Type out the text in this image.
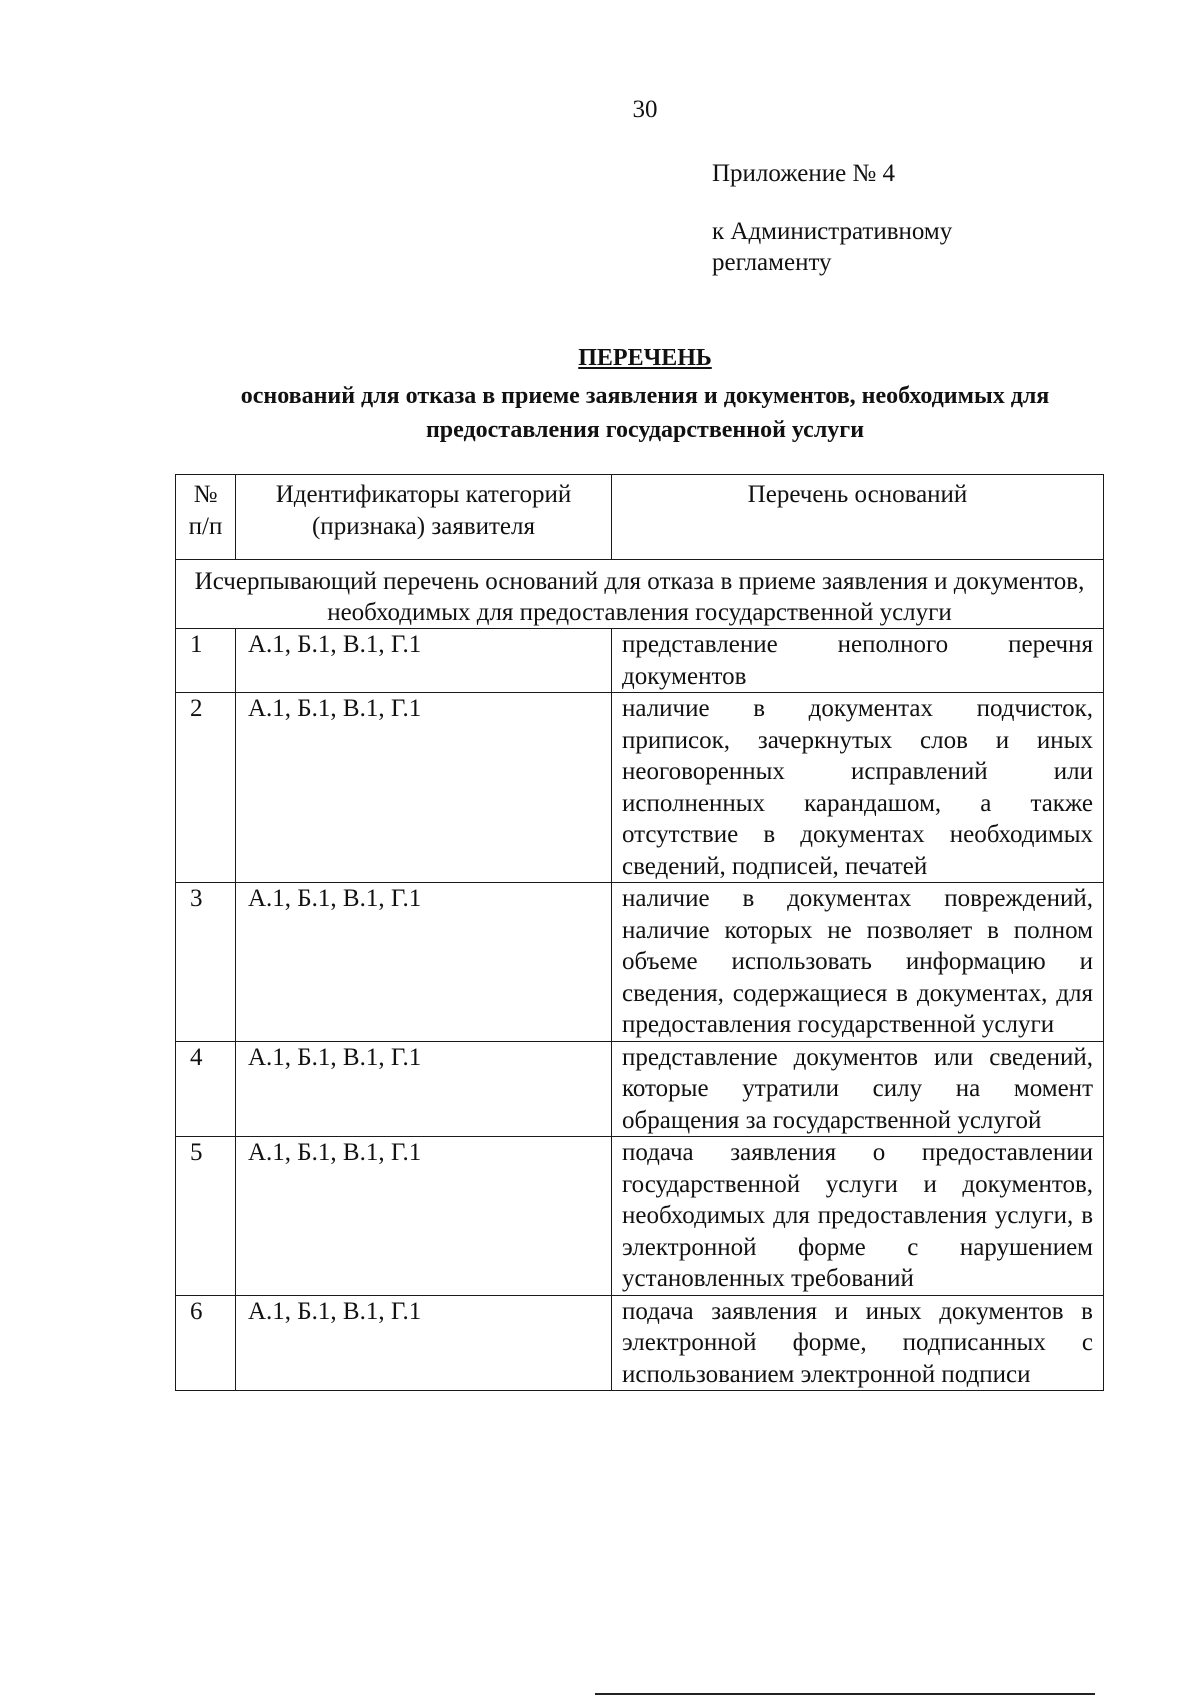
30
Приложение № 4
к Административному
регламенту
ПЕРЕЧЕНЬ
оснований для отказа в приеме заявления и документов, необходимых для предоставления государственной услуги
№ п/п	Идентификаторы категорий (признака) заявителя	Перечень оснований
Исчерпывающий перечень оснований для отказа в приеме заявления и документов, необходимых для предоставления государственной услуги		
1	А.1, Б.1, В.1, Г.1	представление неполного перечня документов
2	А.1, Б.1, В.1, Г.1	наличие в документах подчисток, приписок, зачеркнутых слов и иных неоговоренных исправлений или исполненных карандашом, а также отсутствие в документах необходимых сведений, подписей, печатей
3	А.1, Б.1, В.1, Г.1	наличие в документах повреждений, наличие которых не позволяет в полном объеме использовать информацию и сведения, содержащиеся в документах, для предоставления государственной услуги
4	А.1, Б.1, В.1, Г.1	представление документов или сведений, которые утратили силу на момент обращения за государственной услугой
5	А.1, Б.1, В.1, Г.1	подача заявления о предоставлении государственной услуги и документов, необходимых для предоставления услуги, в электронной форме с нарушением установленных требований
6	А.1, Б.1, В.1, Г.1	подача заявления и иных документов в электронной форме, подписанных с использованием электронной подписи
